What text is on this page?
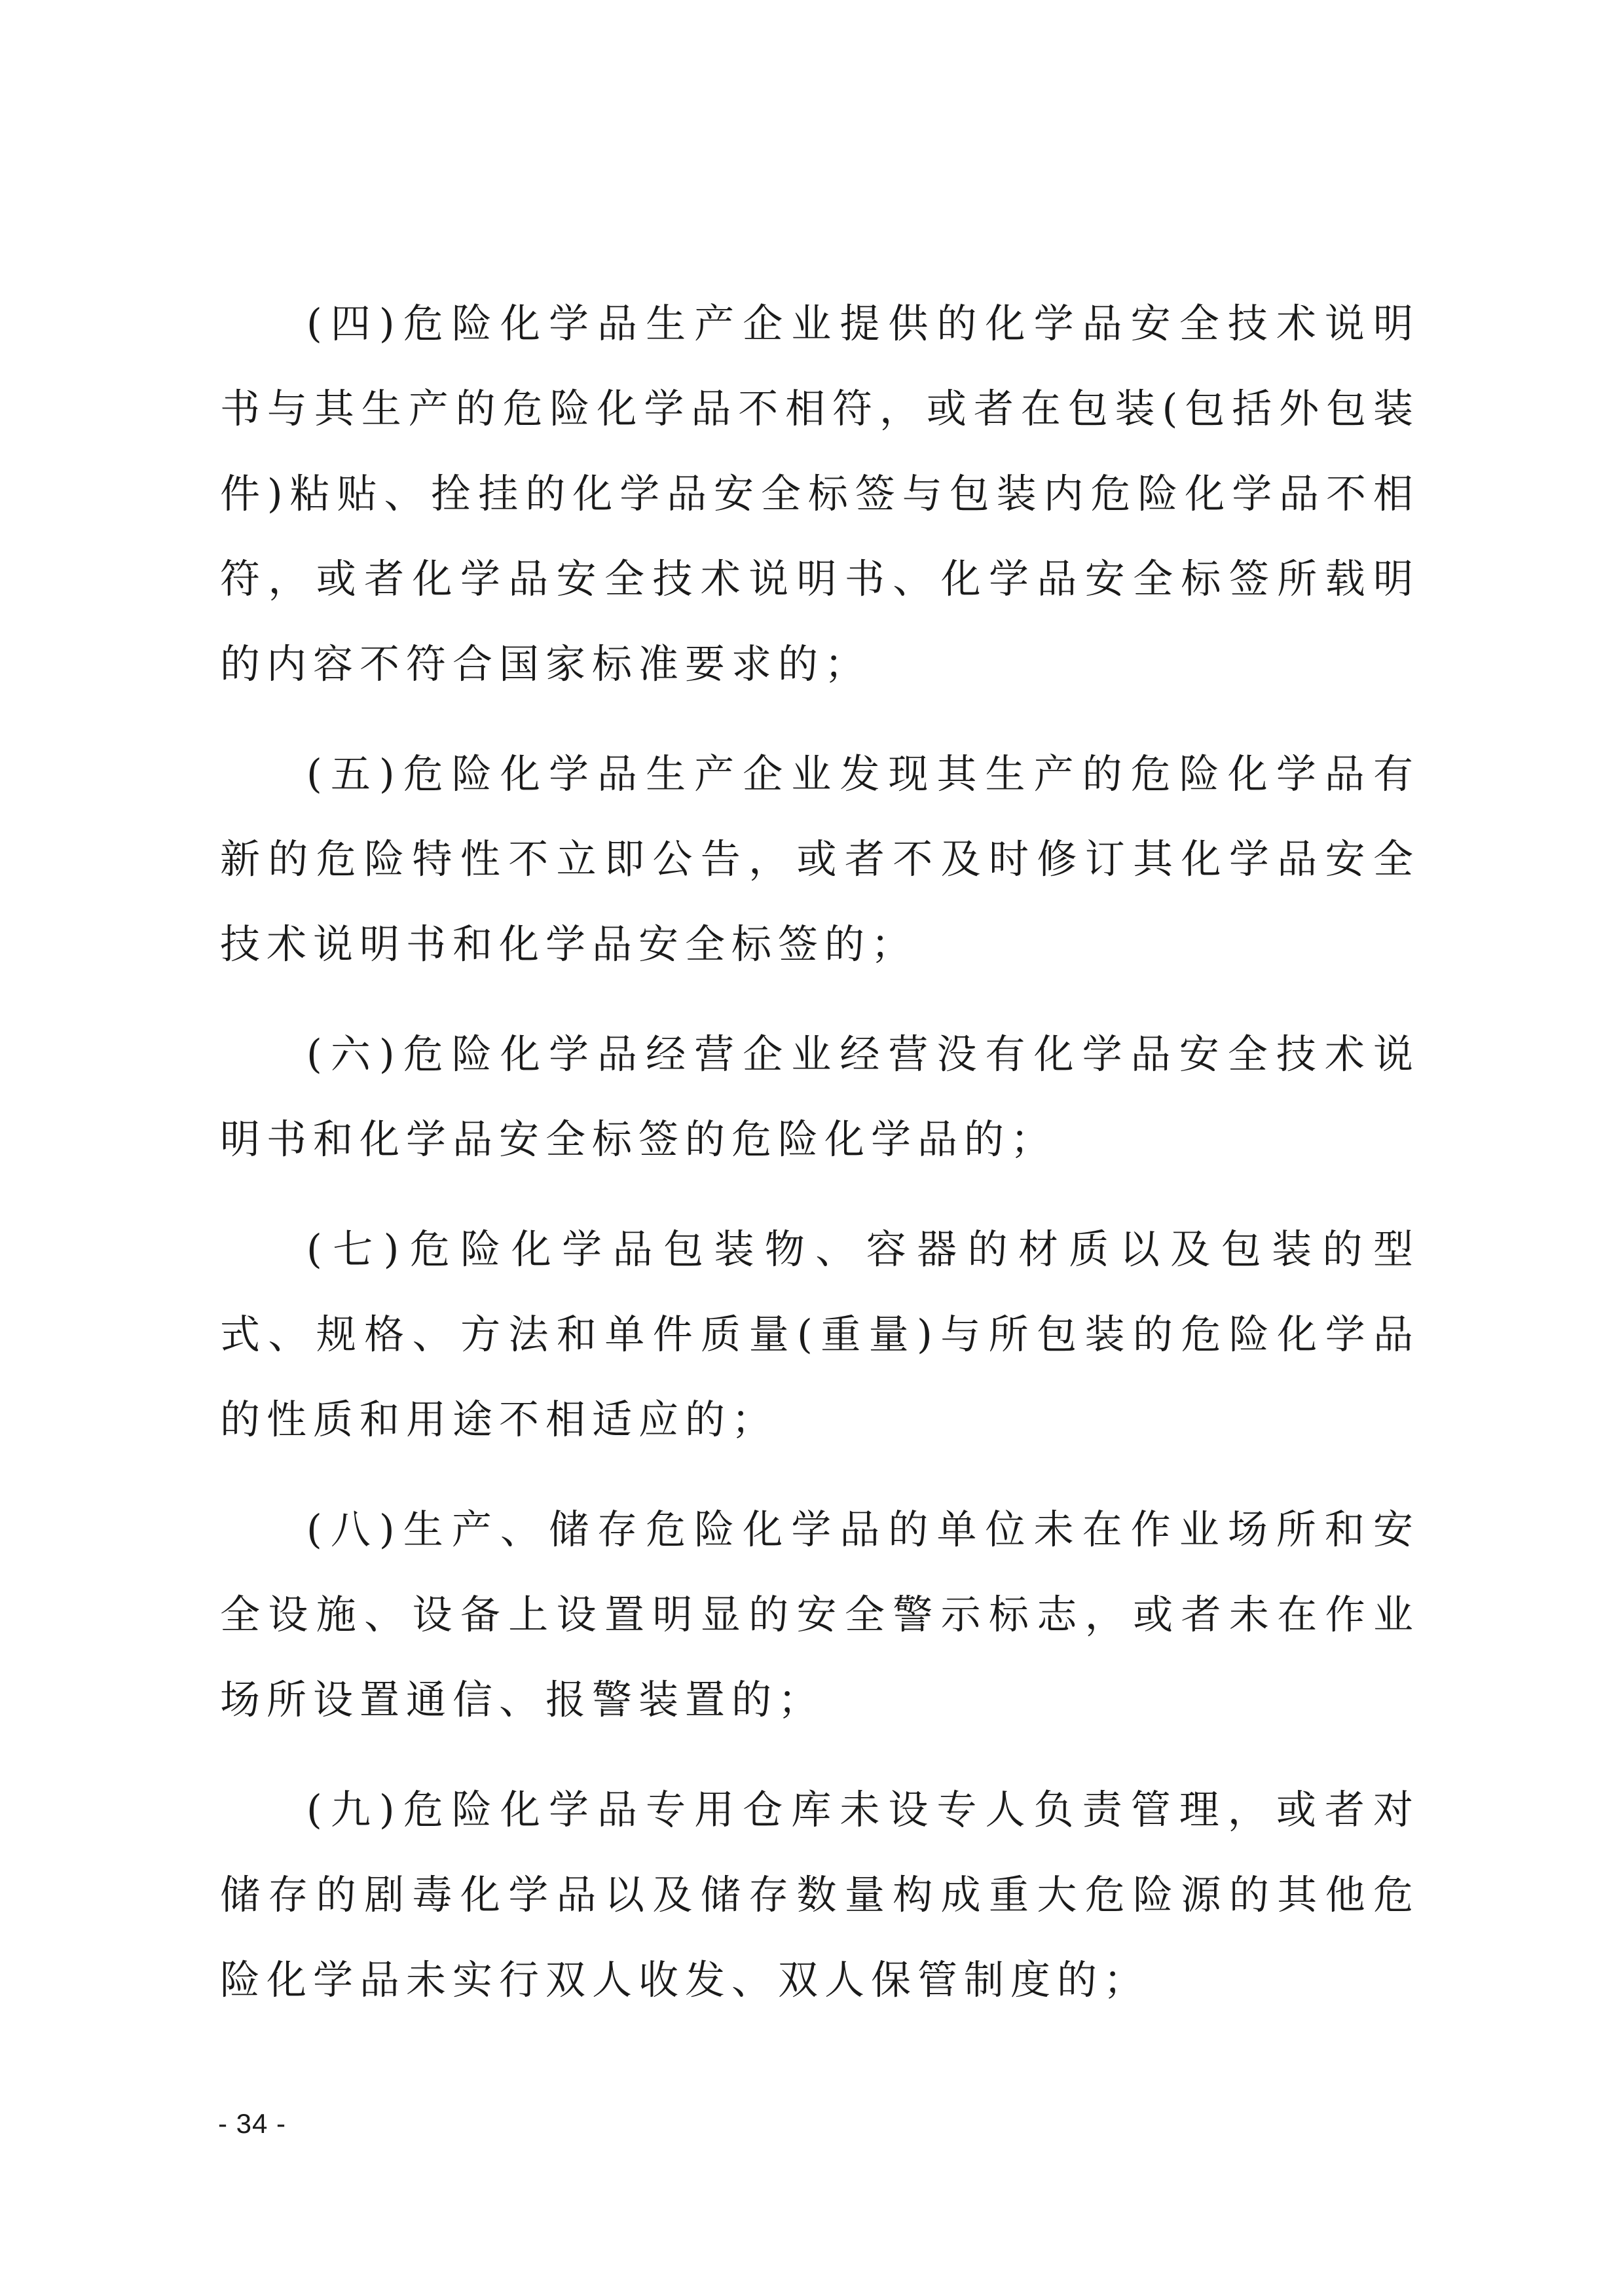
(四)危险化学品生产企业提供的化学品安全技术说明书与其生产的危险化学品不相符，或者在包装(包括外包装件)粘贴、拴挂的化学品安全标签与包装内危险化学品不相符，或者化学品安全技术说明书、化学品安全标签所载明的内容不符合国家标准要求的；

(五)危险化学品生产企业发现其生产的危险化学品有新的危险特性不立即公告，或者不及时修订其化学品安全技术说明书和化学品安全标签的；

(六)危险化学品经营企业经营没有化学品安全技术说明书和化学品安全标签的危险化学品的；

(七)危险化学品包装物、容器的材质以及包装的型式、规格、方法和单件质量(重量)与所包装的危险化学品的性质和用途不相适应的；

(八)生产、储存危险化学品的单位未在作业场所和安全设施、设备上设置明显的安全警示标志，或者未在作业场所设置通信、报警装置的；

(九)危险化学品专用仓库未设专人负责管理，或者对储存的剧毒化学品以及储存数量构成重大危险源的其他危险化学品未实行双人收发、双人保管制度的；

- 34 -
